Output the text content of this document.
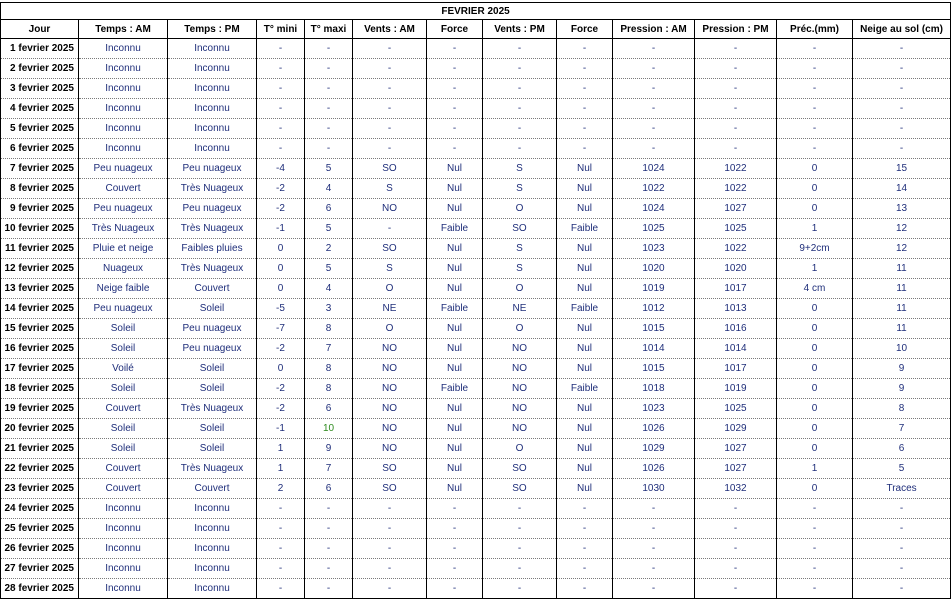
FEVRIER 2025												
Jour	Temps : AM	Temps : PM	T° mini	T° maxi	Vents : AM	Force	Vents : PM	Force	Pression : AM	Pression : PM	Préc.(mm)	Neige au sol (cm)
1 fevrier 2025	Inconnu	Inconnu	-	-	-	-	-	-	-	-	-	-
2 fevrier 2025	Inconnu	Inconnu	-	-	-	-	-	-	-	-	-	-
3 fevrier 2025	Inconnu	Inconnu	-	-	-	-	-	-	-	-	-	-
4 fevrier 2025	Inconnu	Inconnu	-	-	-	-	-	-	-	-	-	-
5 fevrier 2025	Inconnu	Inconnu	-	-	-	-	-	-	-	-	-	-
6 fevrier 2025	Inconnu	Inconnu	-	-	-	-	-	-	-	-	-	-
7 fevrier 2025	Peu nuageux	Peu nuageux	-4	5	SO	Nul	S	Nul	1024	1022	0	15
8 fevrier 2025	Couvert	Très Nuageux	-2	4	S	Nul	S	Nul	1022	1022	0	14
9 fevrier 2025	Peu nuageux	Peu nuageux	-2	6	NO	Nul	O	Nul	1024	1027	0	13
10 fevrier 2025	Très Nuageux	Très Nuageux	-1	5	-	Faible	SO	Faible	1025	1025	1	12
11 fevrier 2025	Pluie et neige	Faibles pluies	0	2	SO	Nul	S	Nul	1023	1022	9+2cm	12
12 fevrier 2025	Nuageux	Très Nuageux	0	5	S	Nul	S	Nul	1020	1020	1	11
13 fevrier 2025	Neige faible	Couvert	0	4	O	Nul	O	Nul	1019	1017	4 cm	11
14 fevrier 2025	Peu nuageux	Soleil	-5	3	NE	Faible	NE	Faible	1012	1013	0	11
15 fevrier 2025	Soleil	Peu nuageux	-7	8	O	Nul	O	Nul	1015	1016	0	11
16 fevrier 2025	Soleil	Peu nuageux	-2	7	NO	Nul	NO	Nul	1014	1014	0	10
17 fevrier 2025	Voilé	Soleil	0	8	NO	Nul	NO	Nul	1015	1017	0	9
18 fevrier 2025	Soleil	Soleil	-2	8	NO	Faible	NO	Faible	1018	1019	0	9
19 fevrier 2025	Couvert	Très Nuageux	-2	6	NO	Nul	NO	Nul	1023	1025	0	8
20 fevrier 2025	Soleil	Soleil	-1	10	NO	Nul	NO	Nul	1026	1029	0	7
21 fevrier 2025	Soleil	Soleil	1	9	NO	Nul	O	Nul	1029	1027	0	6
22 fevrier 2025	Couvert	Très Nuageux	1	7	SO	Nul	SO	Nul	1026	1027	1	5
23 fevrier 2025	Couvert	Couvert	2	6	SO	Nul	SO	Nul	1030	1032	0	Traces
24 fevrier 2025	Inconnu	Inconnu	-	-	-	-	-	-	-	-	-	-
25 fevrier 2025	Inconnu	Inconnu	-	-	-	-	-	-	-	-	-	-
26 fevrier 2025	Inconnu	Inconnu	-	-	-	-	-	-	-	-	-	-
27 fevrier 2025	Inconnu	Inconnu	-	-	-	-	-	-	-	-	-	-
28 fevrier 2025	Inconnu	Inconnu	-	-	-	-	-	-	-	-	-	-
